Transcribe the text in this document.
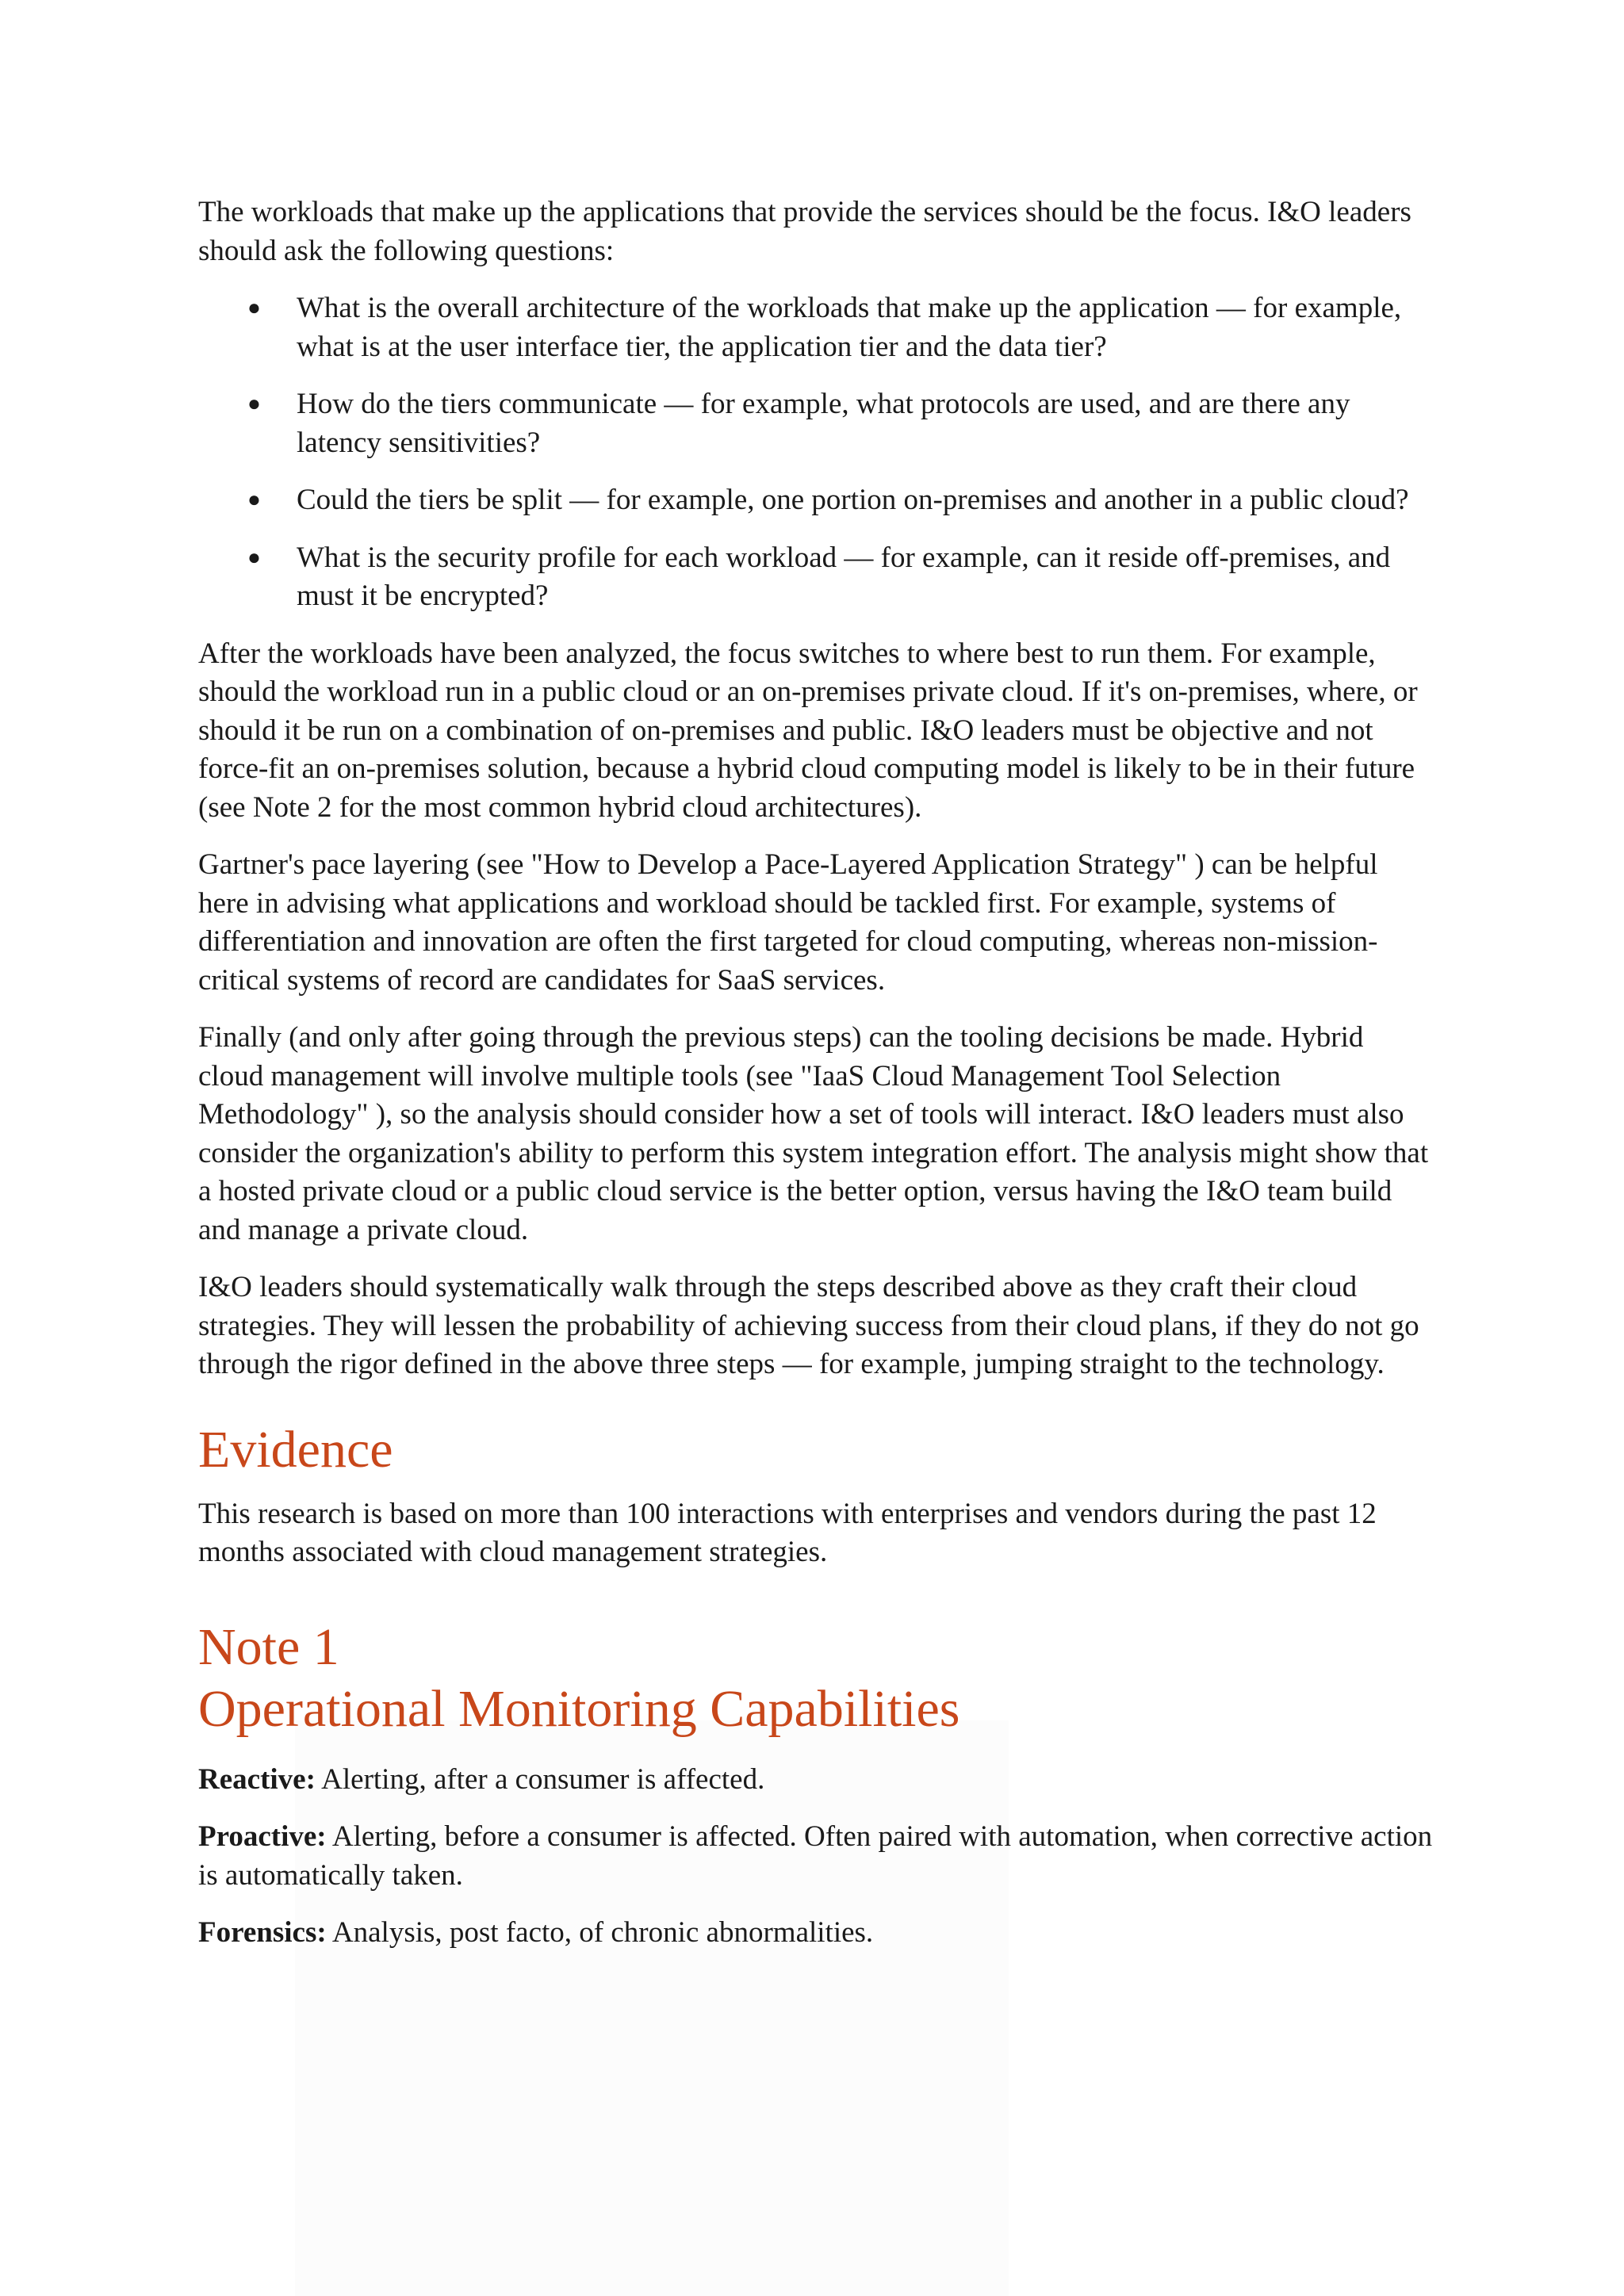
The workloads that make up the applications that provide the services should be the focus. I&O leaders should ask the following questions:

● What is the overall architecture of the workloads that make up the application — for example, what is at the user interface tier, the application tier and the data tier?
● How do the tiers communicate — for example, what protocols are used, and are there any latency sensitivities?
● Could the tiers be split — for example, one portion on-premises and another in a public cloud?
● What is the security profile for each workload — for example, can it reside off-premises, and must it be encrypted?

After the workloads have been analyzed, the focus switches to where best to run them. For example, should the workload run in a public cloud or an on-premises private cloud. If it's on-premises, where, or should it be run on a combination of on-premises and public. I&O leaders must be objective and not force-fit an on-premises solution, because a hybrid cloud computing model is likely to be in their future (see Note 2 for the most common hybrid cloud architectures).

Gartner's pace layering (see "How to Develop a Pace-Layered Application Strategy" ) can be helpful here in advising what applications and workload should be tackled first. For example, systems of differentiation and innovation are often the first targeted for cloud computing, whereas non-mission-critical systems of record are candidates for SaaS services.

Finally (and only after going through the previous steps) can the tooling decisions be made. Hybrid cloud management will involve multiple tools (see "IaaS Cloud Management Tool Selection Methodology" ), so the analysis should consider how a set of tools will interact. I&O leaders must also consider the organization's ability to perform this system integration effort. The analysis might show that a hosted private cloud or a public cloud service is the better option, versus having the I&O team build and manage a private cloud.

I&O leaders should systematically walk through the steps described above as they craft their cloud strategies. They will lessen the probability of achieving success from their cloud plans, if they do not go through the rigor defined in the above three steps — for example, jumping straight to the technology.

Evidence

This research is based on more than 100 interactions with enterprises and vendors during the past 12 months associated with cloud management strategies.

Note 1
Operational Monitoring Capabilities

Reactive: Alerting, after a consumer is affected.

Proactive: Alerting, before a consumer is affected. Often paired with automation, when corrective action is automatically taken.

Forensics: Analysis, post facto, of chronic abnormalities.
